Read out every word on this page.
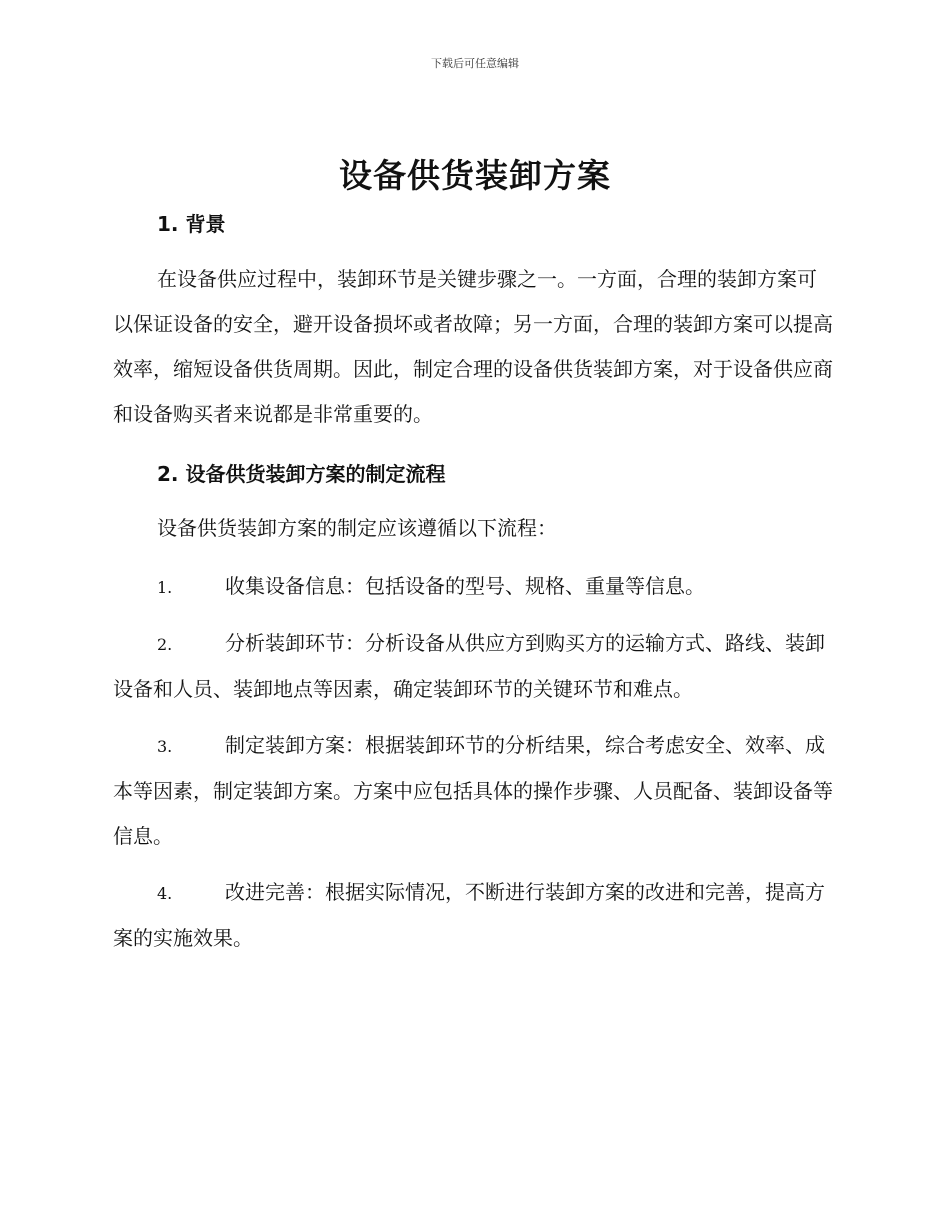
下载后可任意编辑
设备供货装卸方案
1. 背景
在设备供应过程中，装卸环节是关键步骤之一。一方面，合理的装卸方案可以保证设备的安全，避开设备损坏或者故障；另一方面，合理的装卸方案可以提高效率，缩短设备供货周期。因此，制定合理的设备供货装卸方案，对于设备供应商和设备购买者来说都是非常重要的。
2. 设备供货装卸方案的制定流程
设备供货装卸方案的制定应该遵循以下流程：
1.	收集设备信息：包括设备的型号、规格、重量等信息。
2.	分析装卸环节：分析设备从供应方到购买方的运输方式、路线、装卸设备和人员、装卸地点等因素，确定装卸环节的关键环节和难点。
3.	制定装卸方案：根据装卸环节的分析结果，综合考虑安全、效率、成本等因素，制定装卸方案。方案中应包括具体的操作步骤、人员配备、装卸设备等信息。
4.	改进完善：根据实际情况，不断进行装卸方案的改进和完善，提高方案的实施效果。
